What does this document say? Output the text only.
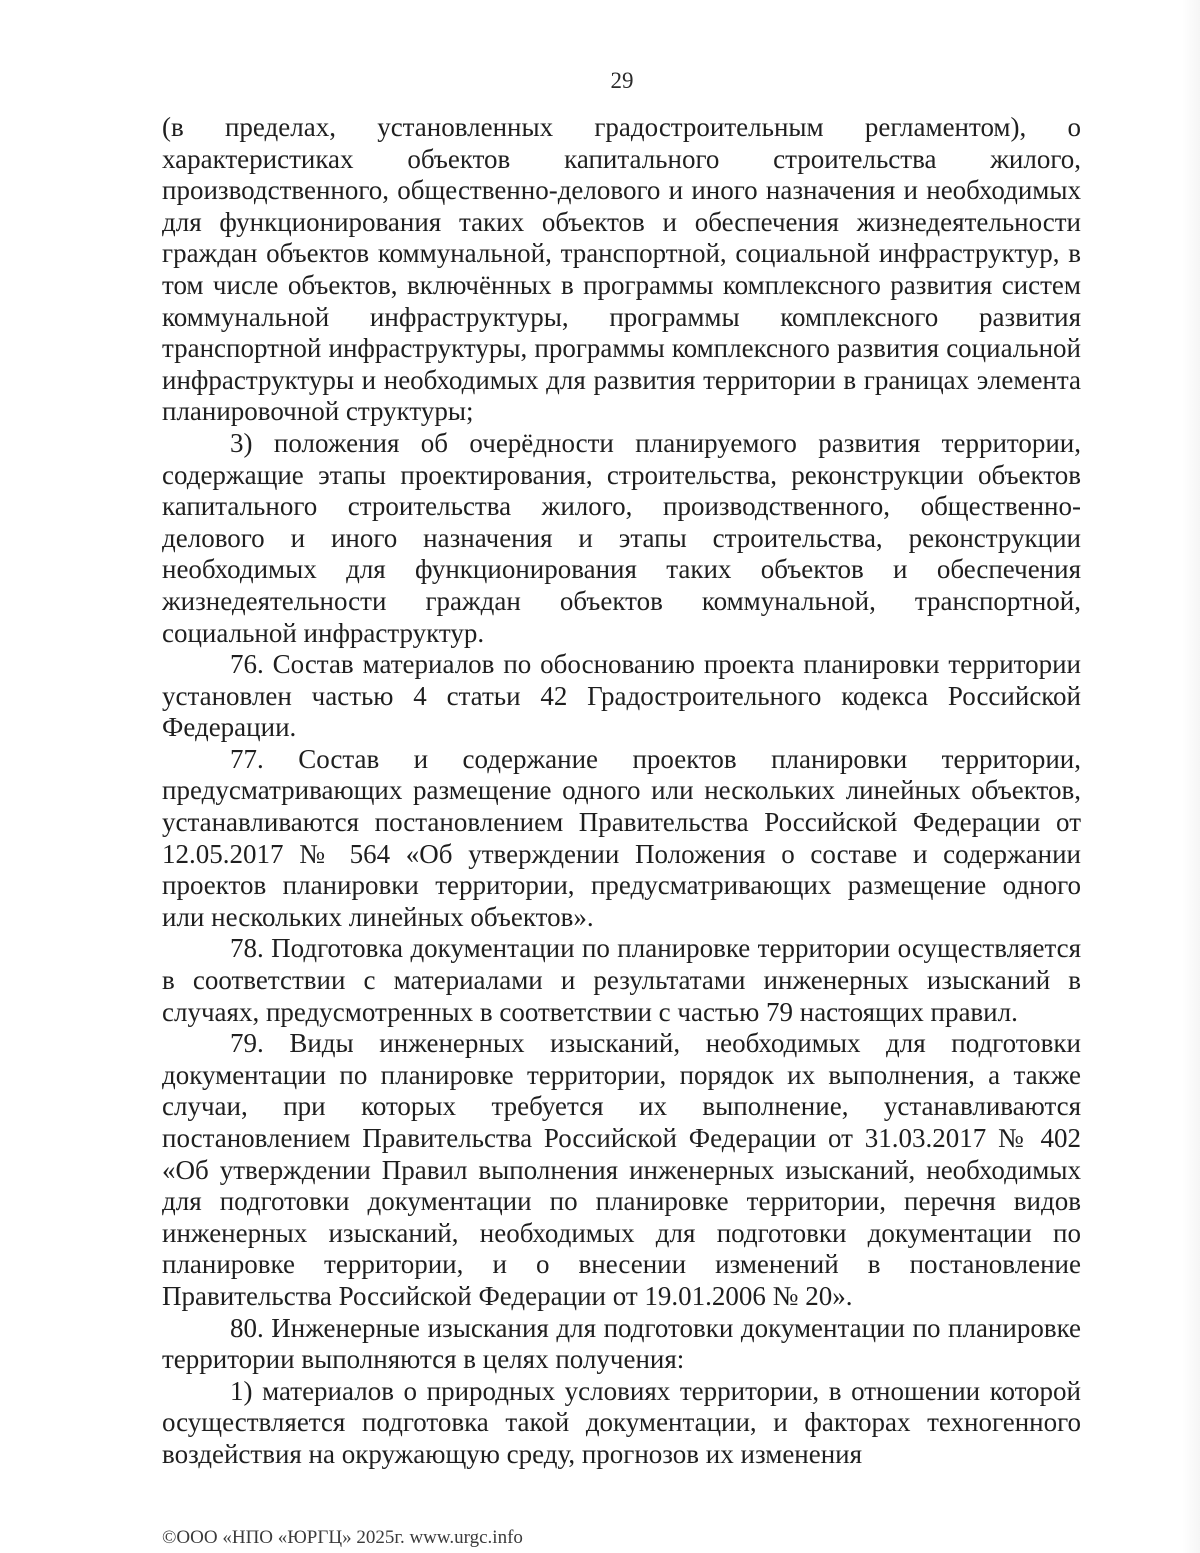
29

(в пределах, установленных градостроительным регламентом), о характеристиках объектов капитального строительства жилого, производственного, общественно-делового и иного назначения и необходимых для функционирования таких объектов и обеспечения жизнедеятельности граждан объектов коммунальной, транспортной, социальной инфраструктур, в том числе объектов, включённых в программы комплексного развития систем коммунальной инфраструктуры, программы комплексного развития транспортной инфраструктуры, программы комплексного развития социальной инфраструктуры и необходимых для развития территории в границах элемента планировочной структуры;

3) положения об очерёдности планируемого развития территории, содержащие этапы проектирования, строительства, реконструкции объектов капитального строительства жилого, производственного, общественно-делового и иного назначения и этапы строительства, реконструкции необходимых для функционирования таких объектов и обеспечения жизнедеятельности граждан объектов коммунальной, транспортной, социальной инфраструктур.

76. Состав материалов по обоснованию проекта планировки территории установлен частью 4 статьи 42 Градостроительного кодекса Российской Федерации.

77. Состав и содержание проектов планировки территории, предусматривающих размещение одного или нескольких линейных объектов, устанавливаются постановлением Правительства Российской Федерации от 12.05.2017 № 564 «Об утверждении Положения о составе и содержании проектов планировки территории, предусматривающих размещение одного или нескольких линейных объектов».

78. Подготовка документации по планировке территории осуществляется в соответствии с материалами и результатами инженерных изысканий в случаях, предусмотренных в соответствии с частью 79 настоящих правил.

79. Виды инженерных изысканий, необходимых для подготовки документации по планировке территории, порядок их выполнения, а также случаи, при которых требуется их выполнение, устанавливаются постановлением Правительства Российской Федерации от 31.03.2017 № 402 «Об утверждении Правил выполнения инженерных изысканий, необходимых для подготовки документации по планировке территории, перечня видов инженерных изысканий, необходимых для подготовки документации по планировке территории, и о внесении изменений в постановление Правительства Российской Федерации от 19.01.2006 № 20».

80. Инженерные изыскания для подготовки документации по планировке территории выполняются в целях получения:

1) материалов о природных условиях территории, в отношении которой осуществляется подготовка такой документации, и факторах техногенного воздействия на окружающую среду, прогнозов их изменения

©ООО «НПО «ЮРГЦ» 2025г. www.urgc.info
